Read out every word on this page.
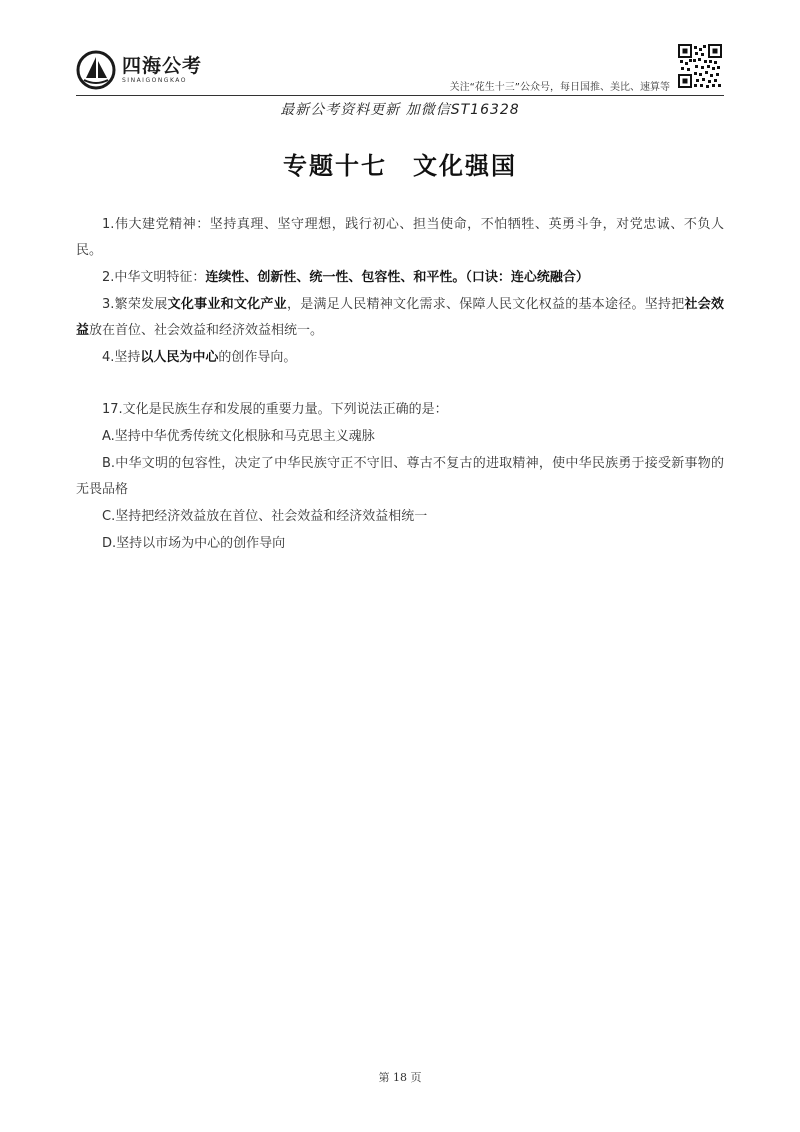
四海公考
SINAIGONGKAO
关注“花生十三”公众号，每日国推、美比、速算等
最新公考资料更新 加微信ST16328
专题十七 文化强国

1.伟大建党精神：坚持真理、坚守理想，践行初心、担当使命，不怕牺牲、英勇斗争，对党忠诚、不负人民。

2.中华文明特征：连续性、创新性、统一性、包容性、和平性。（口诀：连心统融合）

3.繁荣发展文化事业和文化产业，是满足人民精神文化需求、保障人民文化权益的基本途径。坚持把社会效益放在首位、社会效益和经济效益相统一。

4.坚持以人民为中心的创作导向。

17.文化是民族生存和发展的重要力量。下列说法正确的是：

A.坚持中华优秀传统文化根脉和马克思主义魂脉

B.中华文明的包容性，决定了中华民族守正不守旧、尊古不复古的进取精神，使中华民族勇于接受新事物的无畏品格

C.坚持把经济效益放在首位、社会效益和经济效益相统一

D.坚持以市场为中心的创作导向

第 18 页
